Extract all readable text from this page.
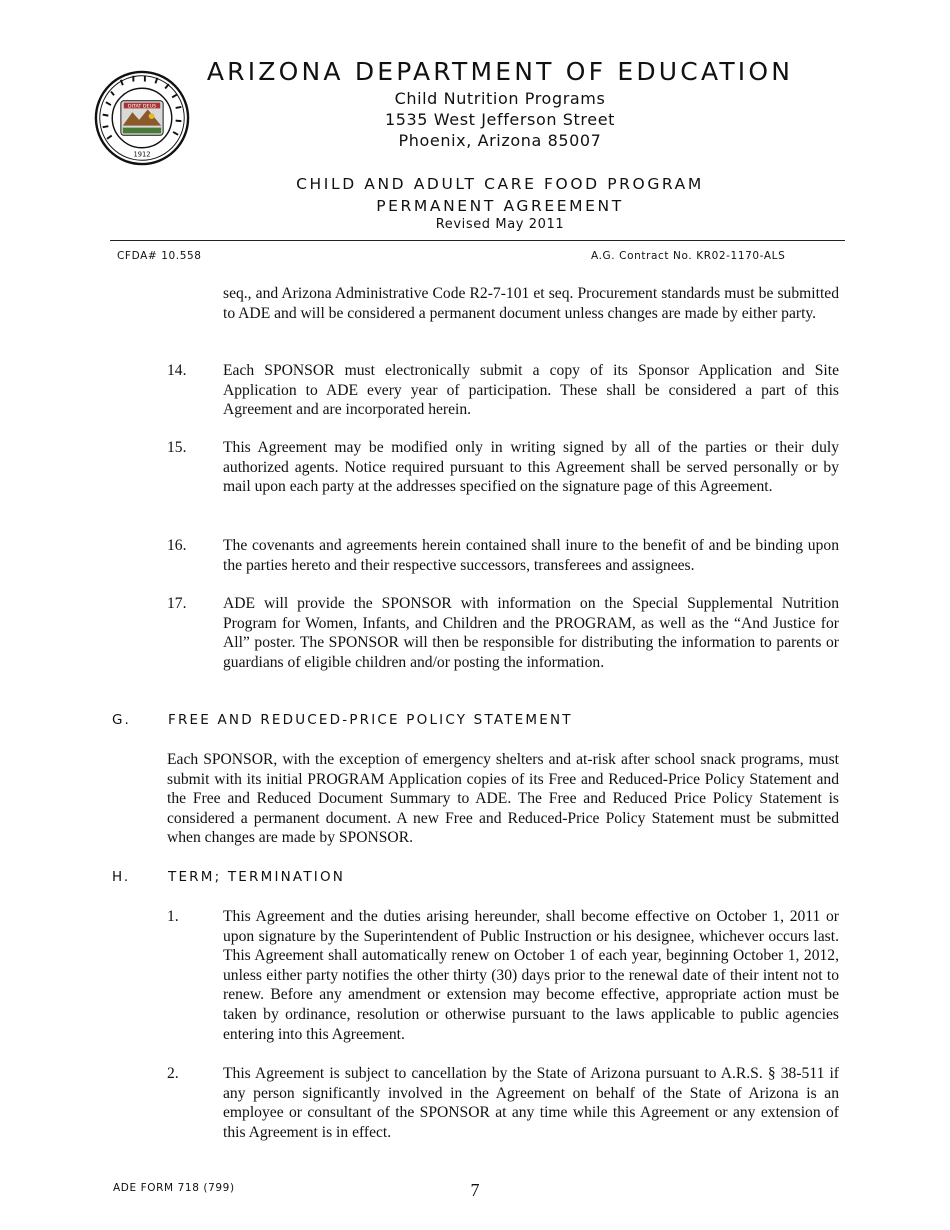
DITAT DEUS
1912
ARIZONA DEPARTMENT OF EDUCATION
Child Nutrition Programs
1535 West Jefferson Street
Phoenix, Arizona 85007
CHILD AND ADULT CARE FOOD PROGRAM
PERMANENT AGREEMENT
Revised May 2011
CFDA# 10.558	A.G. Contract No. KR02-1170-ALS

seq., and Arizona Administrative Code R2-7-101 et seq. Procurement standards must be submitted to ADE and will be considered a permanent document unless changes are made by either party.

14. Each SPONSOR must electronically submit a copy of its Sponsor Application and Site Application to ADE every year of participation. These shall be considered a part of this Agreement and are incorporated herein.

15. This Agreement may be modified only in writing signed by all of the parties or their duly authorized agents. Notice required pursuant to this Agreement shall be served personally or by mail upon each party at the addresses specified on the signature page of this Agreement.

16. The covenants and agreements herein contained shall inure to the benefit of and be binding upon the parties hereto and their respective successors, transferees and assignees.

17. ADE will provide the SPONSOR with information on the Special Supplemental Nutrition Program for Women, Infants, and Children and the PROGRAM, as well as the “And Justice for All” poster. The SPONSOR will then be responsible for distributing the information to parents or guardians of eligible children and/or posting the information.

G.	FREE AND REDUCED-PRICE POLICY STATEMENT

Each SPONSOR, with the exception of emergency shelters and at-risk after school snack programs, must submit with its initial PROGRAM Application copies of its Free and Reduced-Price Policy Statement and the Free and Reduced Document Summary to ADE. The Free and Reduced Price Policy Statement is considered a permanent document. A new Free and Reduced-Price Policy Statement must be submitted when changes are made by SPONSOR.

H.	TERM; TERMINATION
1.	This Agreement and the duties arising hereunder, shall become effective on October 1, 2011 or upon signature by the Superintendent of Public Instruction or his designee, whichever occurs last. This Agreement shall automatically renew on October 1 of each year, beginning October 1, 2012, unless either party notifies the other thirty (30) days prior to the renewal date of their intent not to renew. Before any amendment or extension may become effective, appropriate action must be taken by ordinance, resolution or otherwise pursuant to the laws applicable to public agencies entering into this Agreement.

2.	This Agreement is subject to cancellation by the State of Arizona pursuant to A.R.S. § 38-511 if any person significantly involved in the Agreement on behalf of the State of Arizona is an employee or consultant of the SPONSOR at any time while this Agreement or any extension of this Agreement is in effect.

ADE FORM 718 (799)	7
